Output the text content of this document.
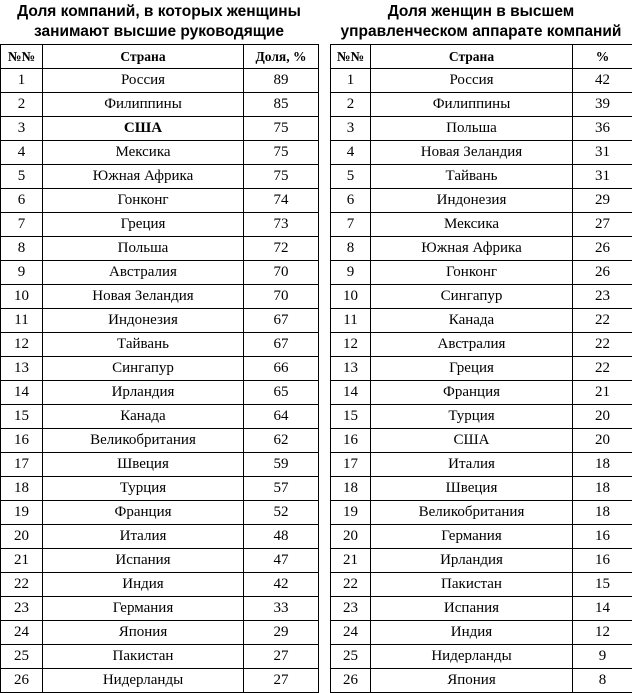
Доля компаний, в которых женщины
занимают высшие руководящие
№№	Страна	Доля, %
1	Россия	89
2	Филиппины	85
3	США	75
4	Мексика	75
5	Южная Африка	75
6	Гонконг	74
7	Греция	73
8	Польша	72
9	Австралия	70
10	Новая Зеландия	70
11	Индонезия	67
12	Тайвань	67
13	Сингапур	66
14	Ирландия	65
15	Канада	64
16	Великобритания	62
17	Швеция	59
18	Турция	57
19	Франция	52
20	Италия	48
21	Испания	47
22	Индия	42
23	Германия	33
24	Япония	29
25	Пакистан	27
26	Нидерланды	27
Доля женщин в высшем
управленческом аппарате компаний
№№	Страна	%
1	Россия	42
2	Филиппины	39
3	Польша	36
4	Новая Зеландия	31
5	Тайвань	31
6	Индонезия	29
7	Мексика	27
8	Южная Африка	26
9	Гонконг	26
10	Сингапур	23
11	Канада	22
12	Австралия	22
13	Греция	22
14	Франция	21
15	Турция	20
16	США	20
17	Италия	18
18	Швеция	18
19	Великобритания	18
20	Германия	16
21	Ирландия	16
22	Пакистан	15
23	Испания	14
24	Индия	12
25	Нидерланды	9
26	Япония	8
